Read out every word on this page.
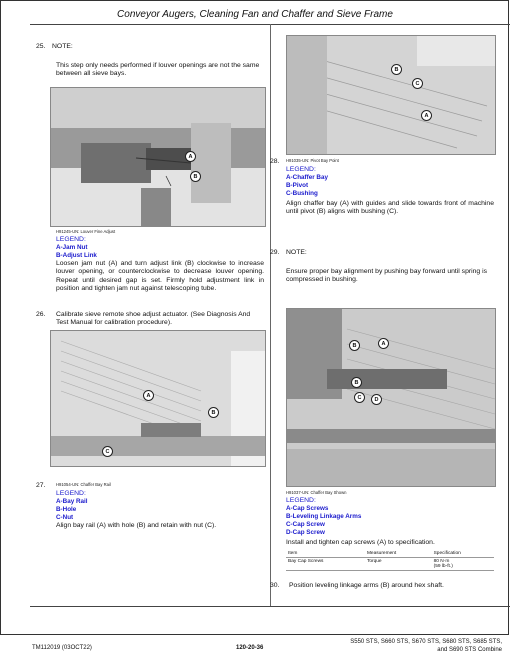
Conveyor Augers, Cleaning Fan and Chaffer and Sieve Frame
25. NOTE:
This step only needs performed if louver openings are not the same between all sieve bays.
A
B
H91245-UN: Louver Fine Adjust
LEGEND:
A-Jam Nut
B-Adjust Link
Loosen jam nut (A) and turn adjust link (B) clockwise to increase louver opening, or counterclockwise to decrease louver opening. Repeat until desired gap is set. Firmly hold adjustment link in position and tighten jam nut against telescoping tube.
26. Calibrate sieve remote shoe adjust actuator. (See Diagnosis And Test Manual for calibration procedure).
A
B
C
27.	H91054-UN: Chaffer Bay Rail
LEGEND:
A-Bay Rail
B-Hole
C-Nut
Align bay rail (A) with hole (B) and retain with nut (C).
B
C
A
28. H91035-UN: Pivot Bay Point
LEGEND:
A-Chaffer Bay
B-Pivot
C-Bushing
Align chaffer bay (A) with guides and slide towards front of machine until pivot (B) aligns with bushing (C).
29. NOTE:
Ensure proper bay alignment by pushing bay forward until spring is compressed in bushing.
B	A
B
C	D
H91037-UN: Chaffer Bay Shown
LEGEND:
A-Cap Screws
B-Leveling Linkage Arms
C-Cap Screw
D-Cap Screw
Install and tighten cap screws (A) to specification.
Item	Measurement	Specification
Bay Cap Screws	Torque	80 N·m
(59 lb-ft.)
30. Position leveling linkage arms (B) around hex shaft.
TM112019 (03OCT22)	120-20-36
S550 STS, S660 STS, S670 STS, S680 STS, S685 STS,
and S690 STS Combine
